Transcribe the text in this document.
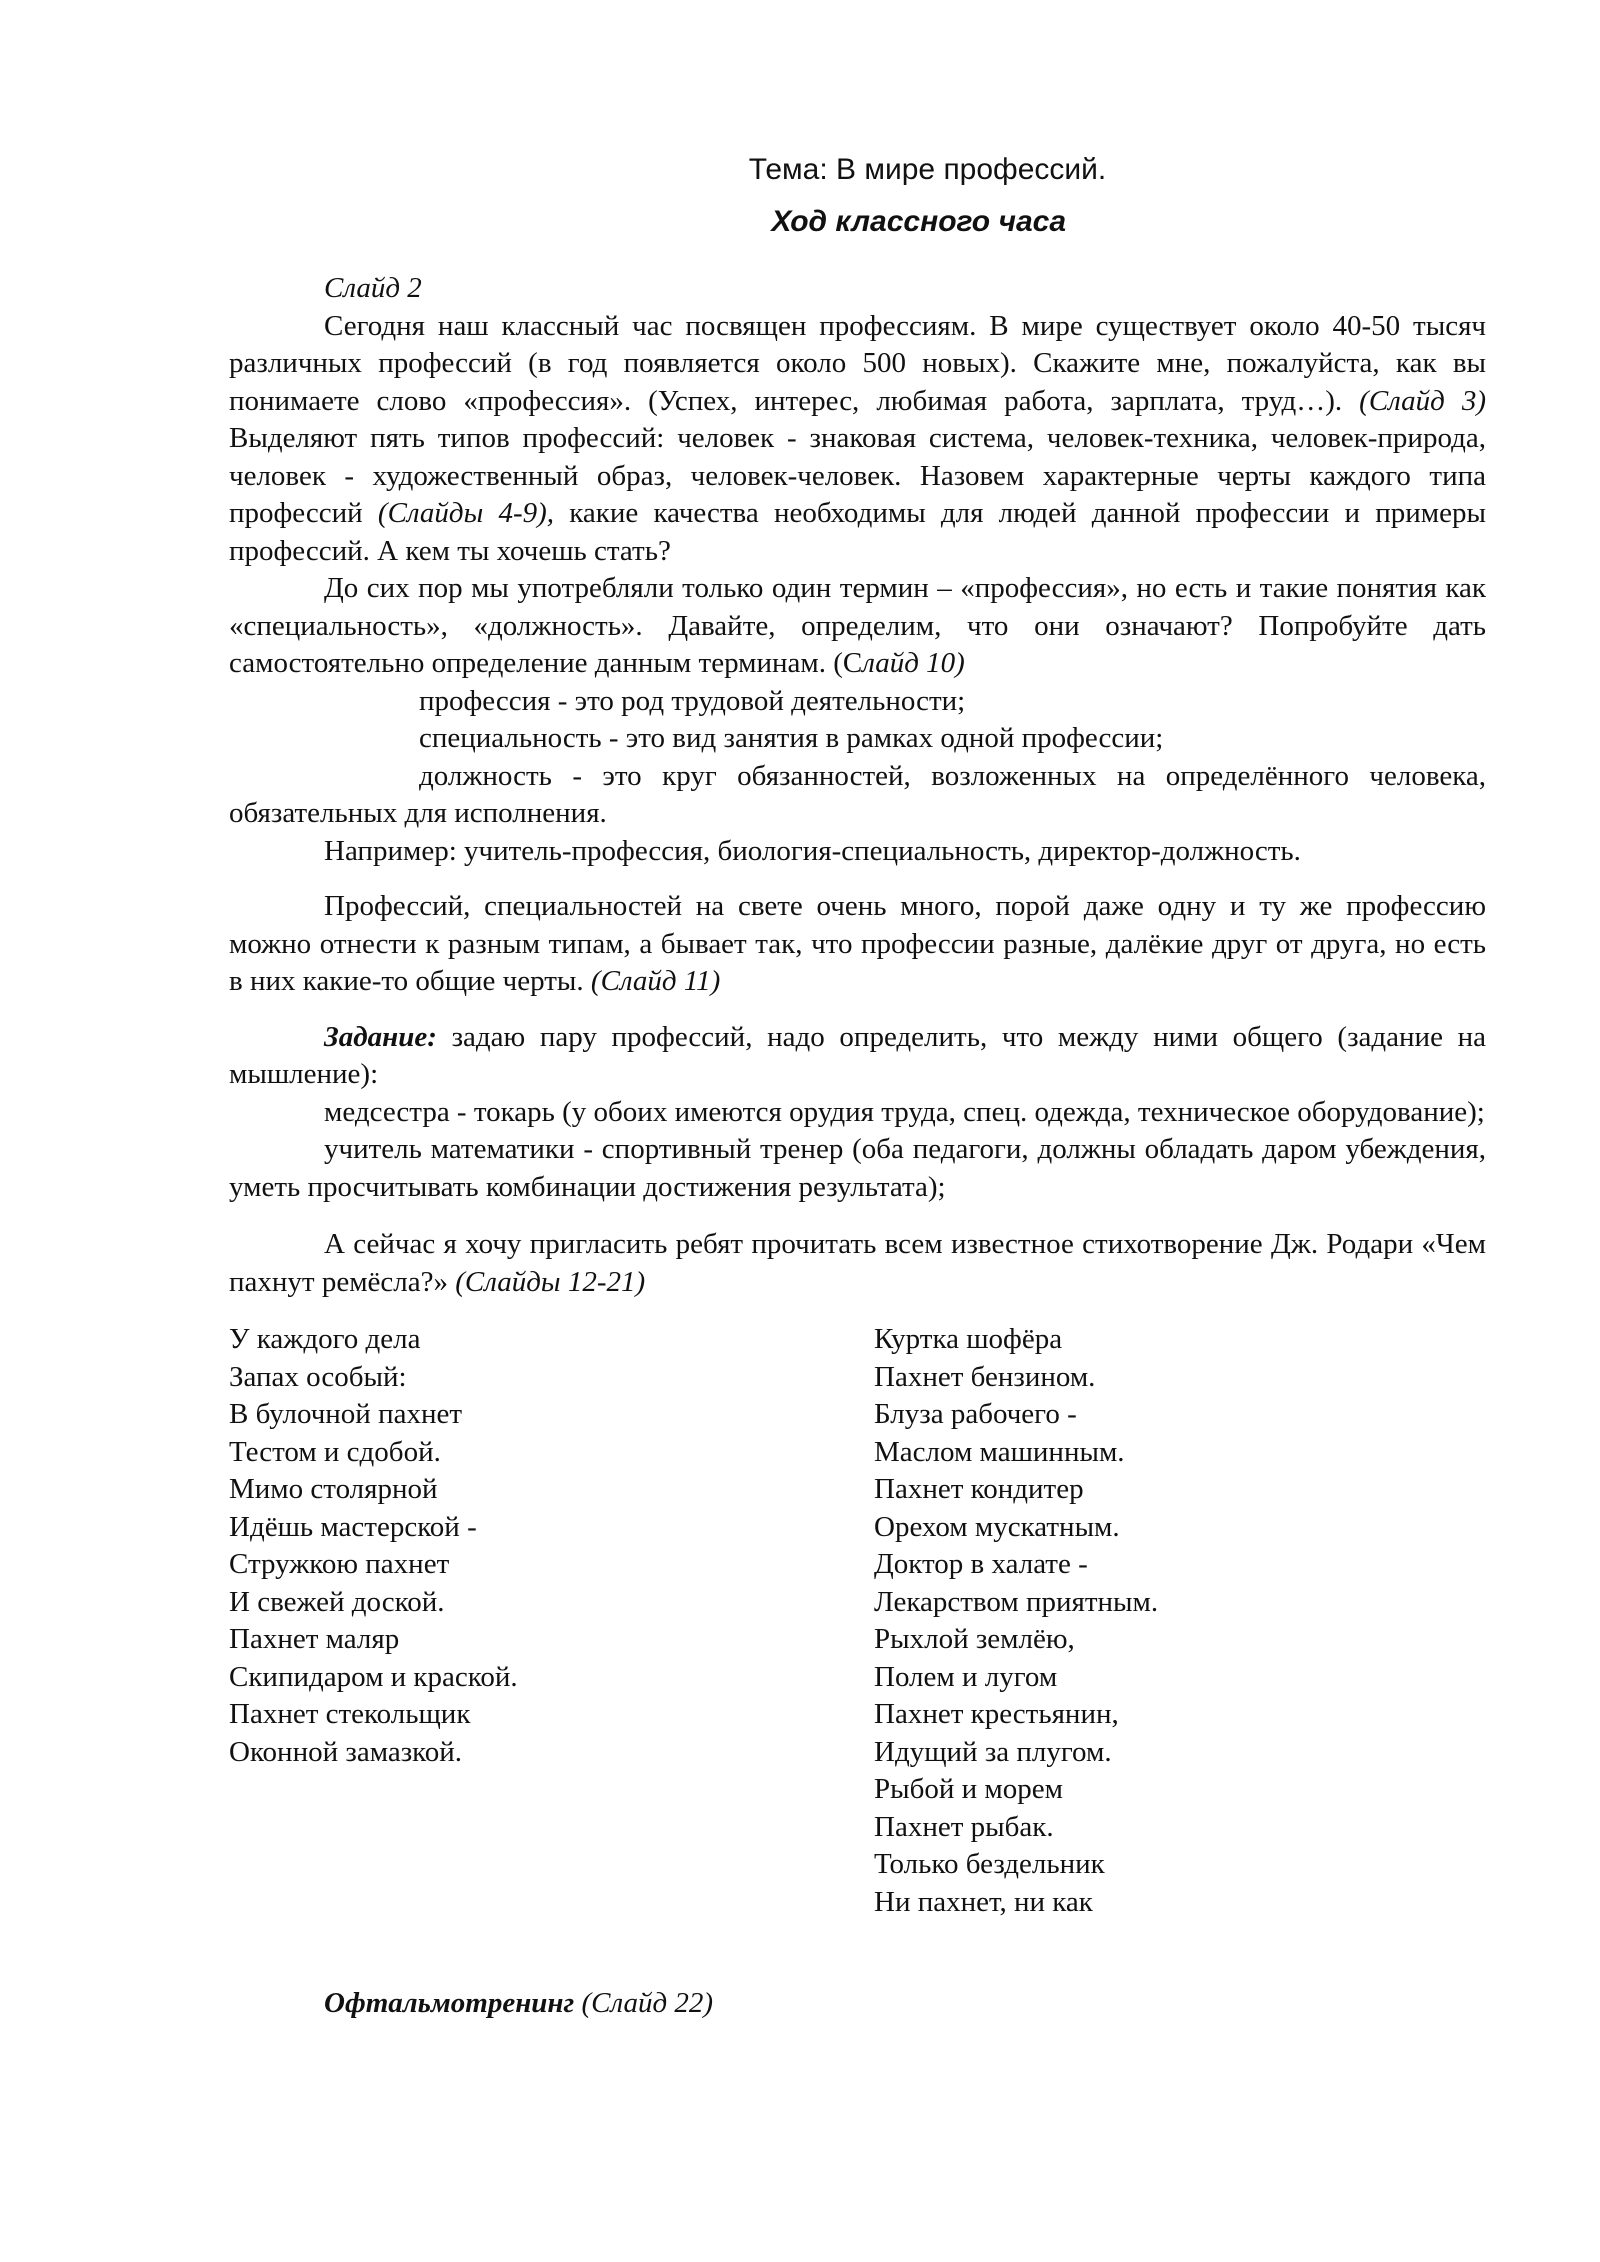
Тема: В мире профессий.

Ход классного часа

Слайд 2

Сегодня наш классный час посвящен профессиям. В мире существует около 40-50 тысяч различных профессий (в год появляется около 500 новых). Скажите мне, пожалуйста, как вы понимаете слово «профессия». (Успех, интерес, любимая работа, зарплата, труд…). (Слайд 3) Выделяют пять типов профессий: человек - знаковая система, человек-техника, человек-природа, человек - художественный образ, человек-человек. Назовем характерные черты каждого типа профессий (Слайды 4-9), какие качества необходимы для людей данной профессии и примеры профессий. А кем ты хочешь стать?

До сих пор мы употребляли только один термин – «профессия», но есть и такие понятия как «специальность», «должность». Давайте, определим, что они означают? Попробуйте дать самостоятельно определение данным терминам. (Слайд 10)

профессия - это род трудовой деятельности;

специальность - это вид занятия в рамках одной профессии;

должность - это круг обязанностей, возложенных на определённого человека, обязательных для исполнения.

Например: учитель-профессия, биология-специальность, директор-должность.

Профессий, специальностей на свете очень много, порой даже одну и ту же профессию можно отнести к разным типам, а бывает так, что профессии разные, далёкие друг от друга, но есть в них какие-то общие черты. (Слайд 11)

Задание: задаю пару профессий, надо определить, что между ними общего (задание на мышление):

медсестра - токарь (у обоих имеются орудия труда, спец. одежда, техническое оборудование);

учитель математики - спортивный тренер (оба педагоги, должны обладать даром убеждения, уметь просчитывать комбинации достижения результата);

А сейчас я хочу пригласить ребят прочитать всем известное стихотворение Дж. Родари «Чем пахнут ремёсла?» (Слайды 12-21)

У каждого дела
Запах особый:
В булочной пахнет
Тестом и сдобой.
Мимо столярной
Идёшь мастерской -
Стружкою пахнет
И свежей доской.
Пахнет маляр
Скипидаром и краской.
Пахнет стекольщик
Оконной замазкой.
Куртка шофёра
Пахнет бензином.
Блуза рабочего -
Маслом машинным.
Пахнет кондитер
Орехом мускатным.
Доктор в халате -
Лекарством приятным.
Рыхлой землёю,
Полем и лугом
Пахнет крестьянин,
Идущий за плугом.
Рыбой и морем
Пахнет рыбак.
Только бездельник
Ни пахнет, ни как

Офтальмотренинг (Слайд 22)
